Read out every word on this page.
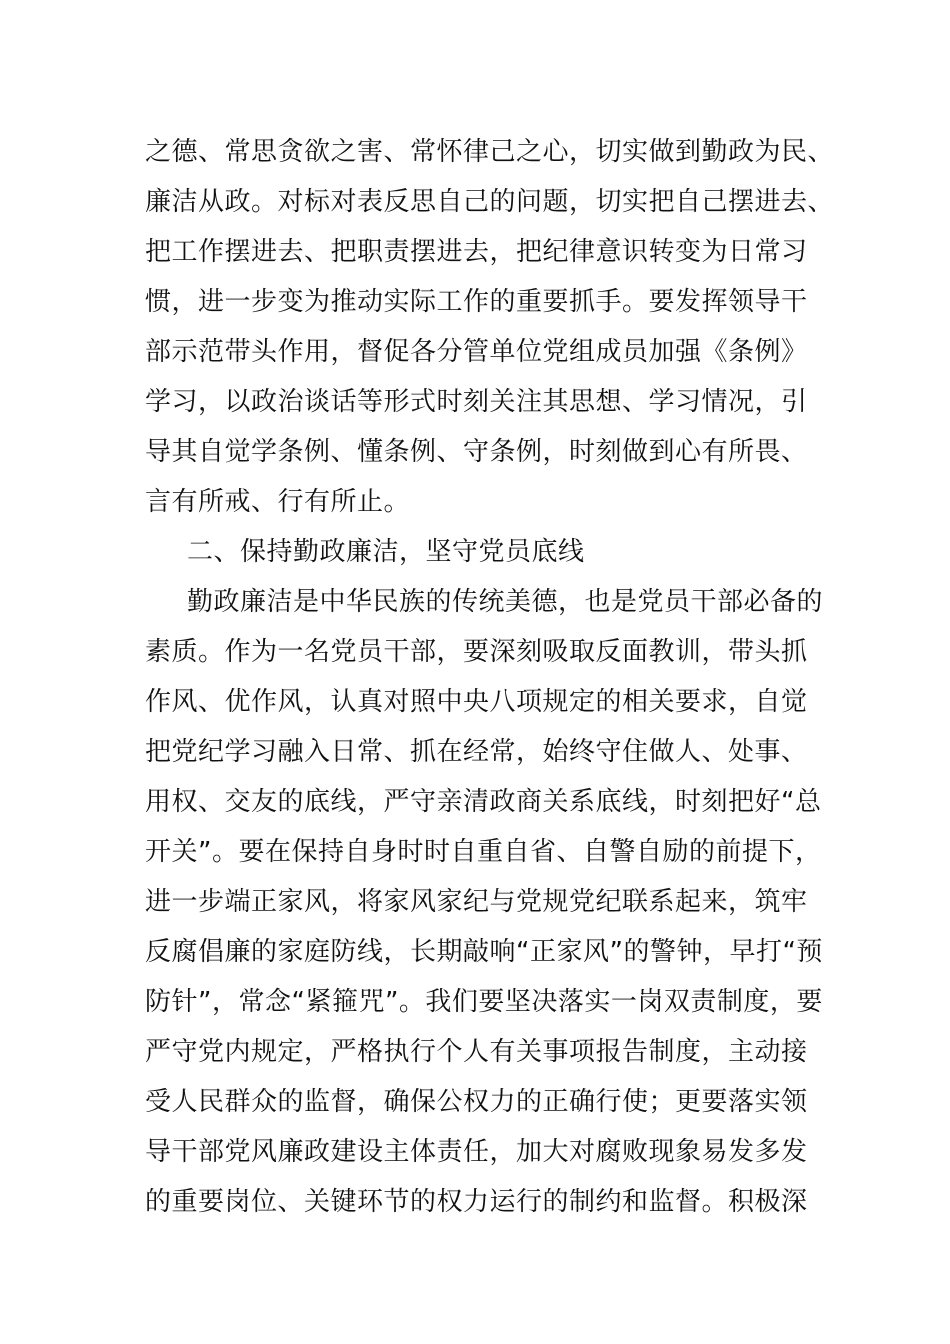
之德、常思贪欲之害、常怀律己之心，切实做到勤政为民、
廉洁从政。对标对表反思自己的问题，切实把自己摆进去、
把工作摆进去、把职责摆进去，把纪律意识转变为日常习
惯，进一步变为推动实际工作的重要抓手。要发挥领导干
部示范带头作用，督促各分管单位党组成员加强《条例》
学习，以政治谈话等形式时刻关注其思想、学习情况，引
导其自觉学条例、懂条例、守条例，时刻做到心有所畏、
言有所戒、行有所止。
二、保持勤政廉洁，坚守党员底线
勤政廉洁是中华民族的传统美德，也是党员干部必备的
素质。作为一名党员干部，要深刻吸取反面教训，带头抓
作风、优作风，认真对照中央八项规定的相关要求，自觉
把党纪学习融入日常、抓在经常，始终守住做人、处事、
用权、交友的底线，严守亲清政商关系底线，时刻把好“总
开关”。要在保持自身时时自重自省、自警自励的前提下，
进一步端正家风，将家风家纪与党规党纪联系起来，筑牢
反腐倡廉的家庭防线，长期敲响“正家风”的警钟，早打“预
防针”，常念“紧箍咒”。我们要坚决落实一岗双责制度，要
严守党内规定，严格执行个人有关事项报告制度，主动接
受人民群众的监督，确保公权力的正确行使；更要落实领
导干部党风廉政建设主体责任，加大对腐败现象易发多发
的重要岗位、关键环节的权力运行的制约和监督。积极深
